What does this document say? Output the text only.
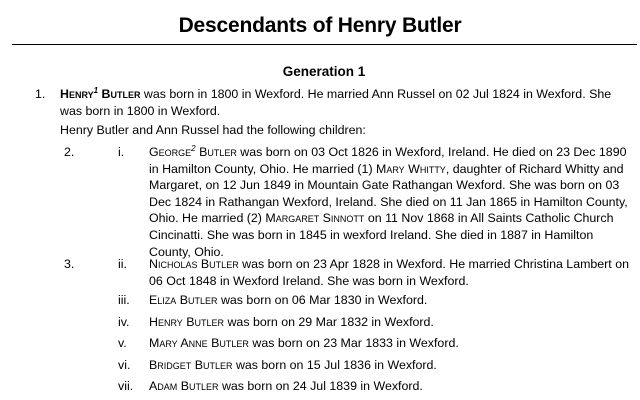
Descendants of Henry Butler
Generation 1
1. Henry$^1$ Butler was born in 1800 in Wexford. He married Ann Russel on 02 Jul 1824 in Wexford. She was born in 1800 in Wexford.
Henry Butler and Ann Russel had the following children:
2.	i. George$^2$ Butler was born on 03 Oct 1826 in Wexford, Ireland. He died on 23 Dec 1890 in Hamilton County, Ohio. He married (1) Mary Whitty, daughter of Richard Whitty and Margaret, on 12 Jun 1849 in Mountain Gate Rathangan Wexford. She was born on 03 Dec 1824 in Rathangan Wexford, Ireland. She died on 11 Jan 1865 in Hamilton County, Ohio. He married (2) Margaret Sinnott on 11 Nov 1868 in All Saints Catholic Church Cincinatti. She was born in 1845 in wexford Ireland. She died in 1887 in Hamilton County, Ohio.
3.	ii. Nicholas Butler was born on 23 Apr 1828 in Wexford. He married Christina Lambert on 06 Oct 1848 in Wexford Ireland. She was born in Wexford.
iii. Eliza Butler was born on 06 Mar 1830 in Wexford.
iv. Henry Butler was born on 29 Mar 1832 in Wexford.
v. Mary Anne Butler was born on 23 Mar 1833 in Wexford.
vi. Bridget Butler was born on 15 Jul 1836 in Wexford.
vii. Adam Butler was born on 24 Jul 1839 in Wexford.
